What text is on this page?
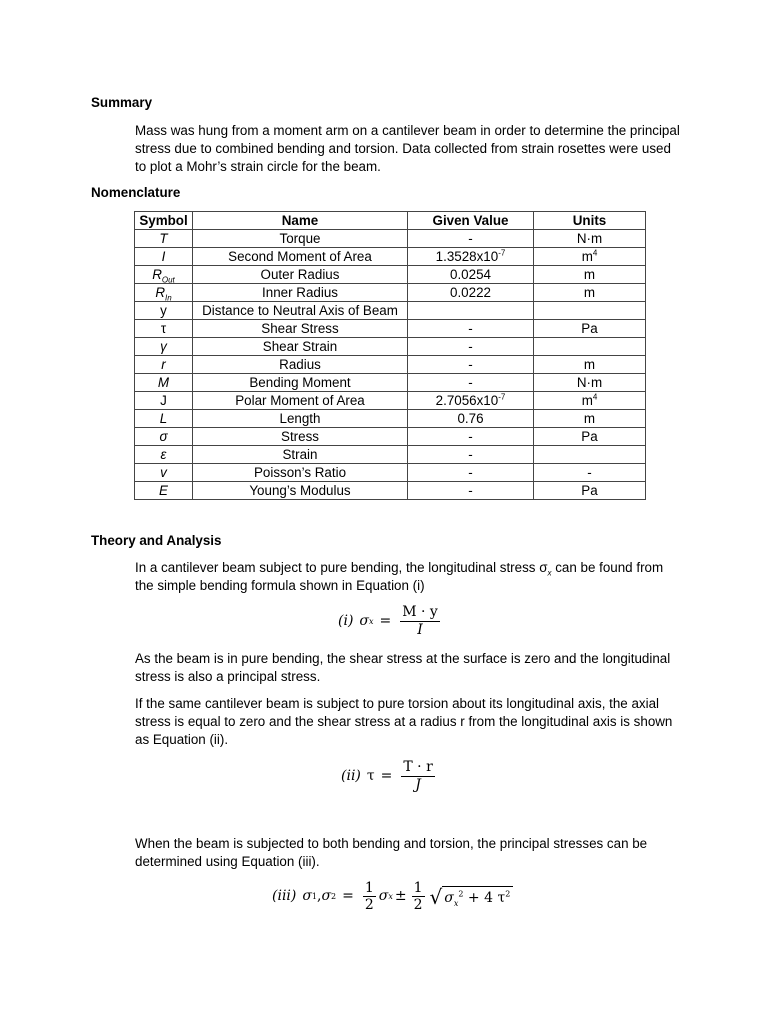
Summary

Mass was hung from a moment arm on a cantilever beam in order to determine the principal stress due to combined bending and torsion. Data collected from strain rosettes were used to plot a Mohr’s strain circle for the beam.

Nomenclature
Symbol	Name	Given Value	Units
T	Torque	-	N·m
I	Second Moment of Area	$1.3528x10^{-7}$	$m^4$
$R_{Out}$	Outer Radius	0.0254	m
$R_{In}$	Inner Radius	0.0222	m
y	Distance to Neutral Axis of Beam		
τ	Shear Stress	-	Pa
γ	Shear Strain	-	
r	Radius	-	m
M	Bending Moment	-	N·m
J	Polar Moment of Area	$2.7056x10^{-7}$	$m^4$
L	Length	0.76	m
σ	Stress	-	Pa
ε	Strain	-	
v	Poisson’s Ratio	-	-
E	Young’s Modulus	-	Pa
Theory and Analysis

In a cantilever beam subject to pure bending, the longitudinal stress $\sigma_x$ can be found from the simple bending formula shown in Equation (i)

(i) σ $x = \frac{M \cdot y}{I}$

As the beam is in pure bending, the shear stress at the surface is zero and the longitudinal stress is also a principal stress.

If the same cantilever beam is subject to pure torsion about its longitudinal axis, the axial stress is equal to zero and the shear stress at a radius r from the longitudinal axis is shown as Equation (ii).

(ii) $\tau = \frac{T \cdot r}{J}$

When the beam is subjected to both bending and torsion, the principal stresses can be determined using Equation (iii).

(iii) σ 1 , σ $2 = \frac{1}{2}$ σ $x \pm \frac{1}{2}$ √ $\sigma_x^2 + 4$ $\tau^2$
